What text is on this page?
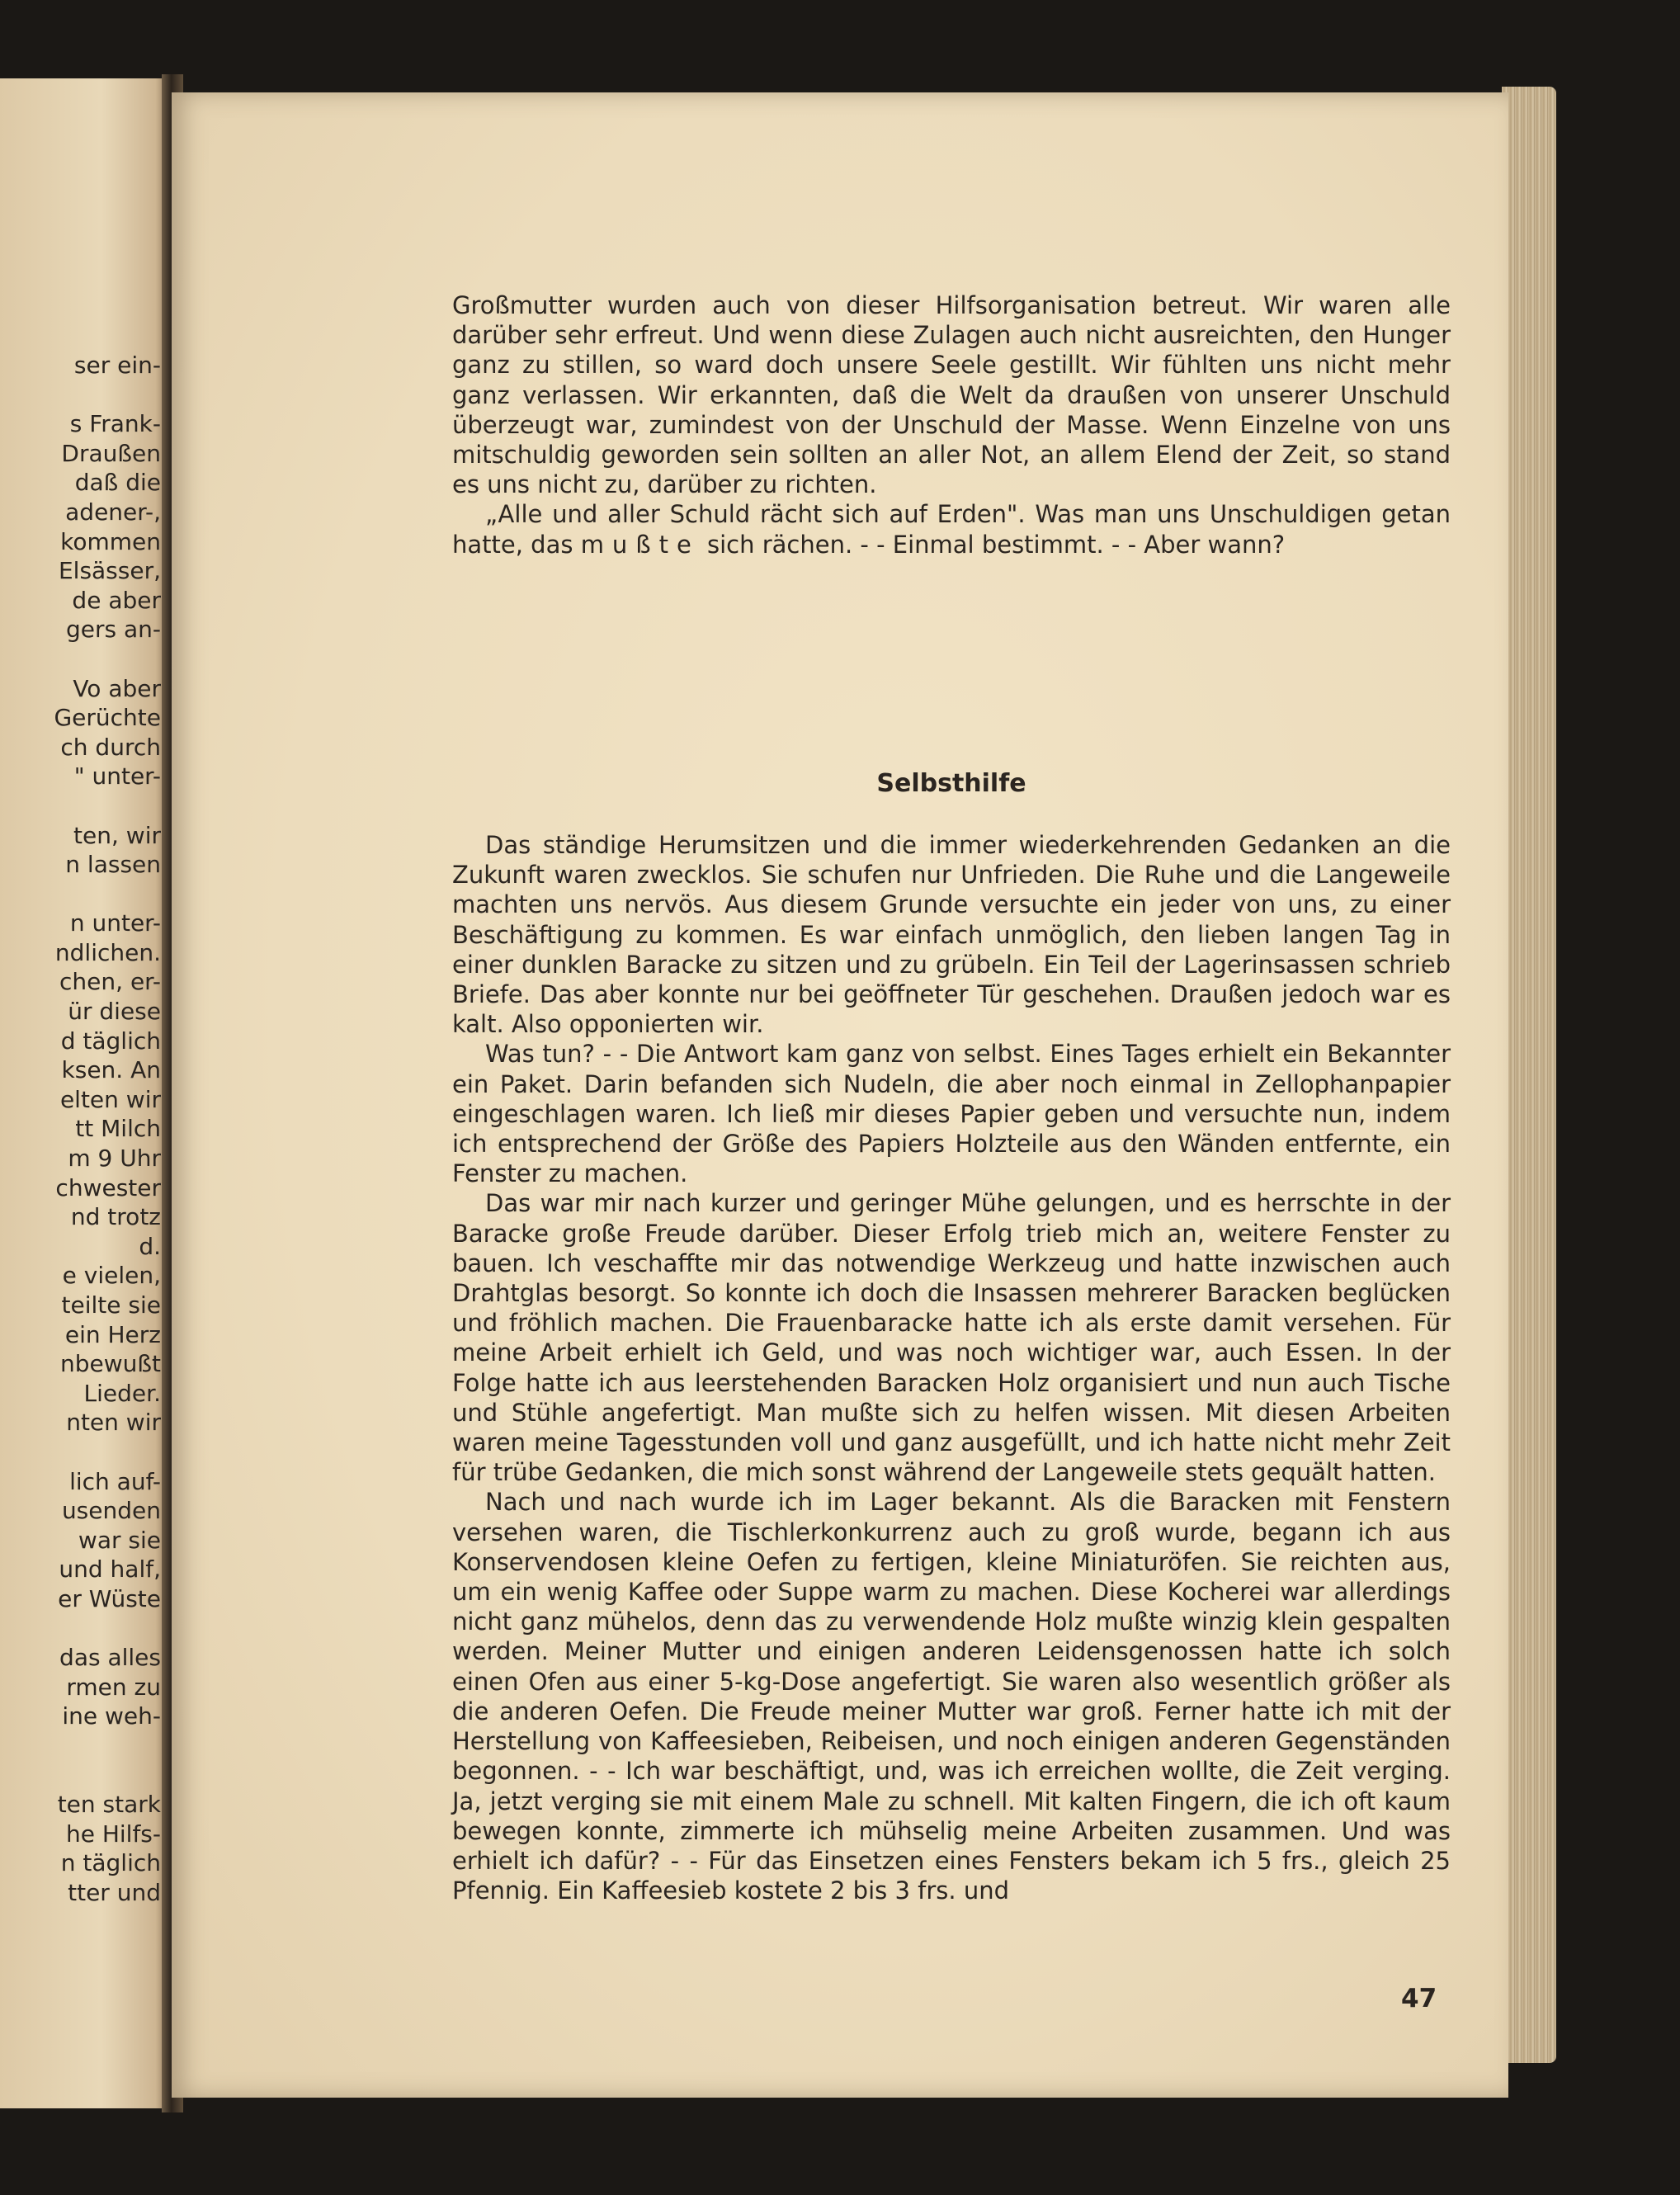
ser ein-
s Frank-
Draußen
daß die
adener-,
kommen
Elsässer,
de aber
gers an-
Vo aber
Gerüchte
ch durch
" unter-
ten, wir
n lassen
n unter-
ndlichen.
chen, er-
ür diese
d täglich
ksen. An
elten wir
tt Milch
m 9 Uhr
chwester
nd trotz
d.
e vielen,
teilte sie
ein Herz
nbewußt
Lieder.
nten wir
lich auf-
usenden
war sie
und half,
er Wüste
das alles
rmen zu
ine weh-
ten stark
he Hilfs-
n täglich
tter und

Großmutter wurden auch von dieser Hilfsorganisation betreut. Wir waren alle darüber sehr erfreut. Und wenn diese Zulagen auch nicht ausreichten, den Hunger ganz zu stillen, so ward doch unsere Seele gestillt. Wir fühlten uns nicht mehr ganz verlassen. Wir erkannten, daß die Welt da draußen von unserer Unschuld überzeugt war, zumindest von der Unschuld der Masse. Wenn Einzelne von uns mitschuldig geworden sein sollten an aller Not, an allem Elend der Zeit, so stand es uns nicht zu, darüber zu richten.

„Alle und aller Schuld rächt sich auf Erden". Was man uns Unschuldigen getan hatte, das mußte sich rächen. - - Einmal bestimmt. - - Aber wann?

Selbsthilfe

Das ständige Herumsitzen und die immer wiederkehrenden Gedanken an die Zukunft waren zwecklos. Sie schufen nur Unfrieden. Die Ruhe und die Langeweile machten uns nervös. Aus diesem Grunde versuchte ein jeder von uns, zu einer Beschäftigung zu kommen. Es war einfach unmöglich, den lieben langen Tag in einer dunklen Baracke zu sitzen und zu grübeln. Ein Teil der Lagerinsassen schrieb Briefe. Das aber konnte nur bei geöffneter Tür geschehen. Draußen jedoch war es kalt. Also opponierten wir.

Was tun? - - Die Antwort kam ganz von selbst. Eines Tages erhielt ein Bekannter ein Paket. Darin befanden sich Nudeln, die aber noch einmal in Zellophanpapier eingeschlagen waren. Ich ließ mir dieses Papier geben und versuchte nun, indem ich entsprechend der Größe des Papiers Holzteile aus den Wänden entfernte, ein Fenster zu machen.

Das war mir nach kurzer und geringer Mühe gelungen, und es herrschte in der Baracke große Freude darüber. Dieser Erfolg trieb mich an, weitere Fenster zu bauen. Ich veschaffte mir das notwendige Werkzeug und hatte inzwischen auch Drahtglas besorgt. So konnte ich doch die Insassen mehrerer Baracken beglücken und fröhlich machen. Die Frauenbaracke hatte ich als erste damit versehen. Für meine Arbeit erhielt ich Geld, und was noch wichtiger war, auch Essen. In der Folge hatte ich aus leerstehenden Baracken Holz organisiert und nun auch Tische und Stühle angefertigt. Man mußte sich zu helfen wissen. Mit diesen Arbeiten waren meine Tagesstunden voll und ganz ausgefüllt, und ich hatte nicht mehr Zeit für trübe Gedanken, die mich sonst während der Langeweile stets gequält hatten.

Nach und nach wurde ich im Lager bekannt. Als die Baracken mit Fenstern versehen waren, die Tischlerkonkurrenz auch zu groß wurde, begann ich aus Konservendosen kleine Oefen zu fertigen, kleine Miniaturöfen. Sie reichten aus, um ein wenig Kaffee oder Suppe warm zu machen. Diese Kocherei war allerdings nicht ganz mühelos, denn das zu verwendende Holz mußte winzig klein gespalten werden. Meiner Mutter und einigen anderen Leidensgenossen hatte ich solch einen Ofen aus einer 5-kg-Dose angefertigt. Sie waren also wesentlich größer als die anderen Oefen. Die Freude meiner Mutter war groß. Ferner hatte ich mit der Herstellung von Kaffeesieben, Reibeisen, und noch einigen anderen Gegenständen begonnen. - - Ich war beschäftigt, und, was ich erreichen wollte, die Zeit verging. Ja, jetzt verging sie mit einem Male zu schnell. Mit kalten Fingern, die ich oft kaum bewegen konnte, zimmerte ich mühselig meine Arbeiten zusammen. Und was erhielt ich dafür? - - Für das Einsetzen eines Fensters bekam ich 5 frs., gleich 25 Pfennig. Ein Kaffeesieb kostete 2 bis 3 frs. und

47
